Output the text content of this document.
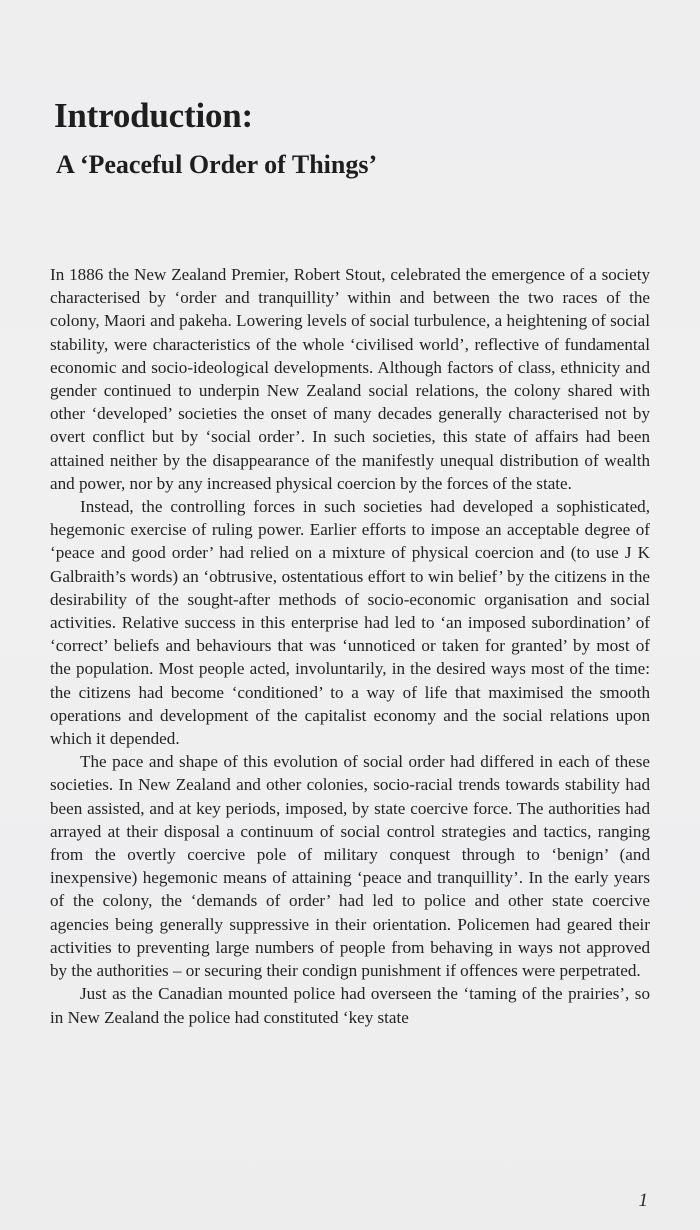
Introduction:
A ‘Peaceful Order of Things’

In 1886 the New Zealand Premier, Robert Stout, celebrated the emergence of a society characterised by ‘order and tranquillity’ within and between the two races of the colony, Maori and pakeha. Lowering levels of social turbulence, a heightening of social stability, were characteristics of the whole ‘civilised world’, reflective of fundamental economic and socio-ideological developments. Although factors of class, ethnicity and gender continued to underpin New Zealand social relations, the colony shared with other ‘developed’ societies the onset of many decades generally characterised not by overt conflict but by ‘social order’. In such societies, this state of affairs had been attained neither by the disappearance of the manifestly unequal distribution of wealth and power, nor by any increased physical coercion by the forces of the state.

Instead, the controlling forces in such societies had developed a sophisticated, hegemonic exercise of ruling power. Earlier efforts to impose an acceptable degree of ‘peace and good order’ had relied on a mixture of physical coercion and (to use J K Galbraith’s words) an ‘obtrusive, ostentatious effort to win belief’ by the citizens in the desirability of the sought-after methods of socio-economic organisation and social activities. Relative success in this enterprise had led to ‘an imposed subordination’ of ‘correct’ beliefs and behaviours that was ‘unnoticed or taken for granted’ by most of the population. Most people acted, involuntarily, in the desired ways most of the time: the citizens had become ‘conditioned’ to a way of life that maximised the smooth operations and development of the capitalist economy and the social relations upon which it depended.

The pace and shape of this evolution of social order had differed in each of these societies. In New Zealand and other colonies, socio-racial trends towards stability had been assisted, and at key periods, imposed, by state coercive force. The authorities had arrayed at their disposal a continuum of social control strategies and tactics, ranging from the overtly coercive pole of military conquest through to ‘benign’ (and inexpensive) hegemonic means of attaining ‘peace and tranquillity’. In the early years of the colony, the ‘demands of order’ had led to police and other state coercive agencies being generally suppressive in their orientation. Policemen had geared their activities to preventing large numbers of people from behaving in ways not approved by the authorities – or securing their condign punishment if offences were perpetrated.

Just as the Canadian mounted police had overseen the ‘taming of the prairies’, so in New Zealand the police had constituted ‘key state

1
